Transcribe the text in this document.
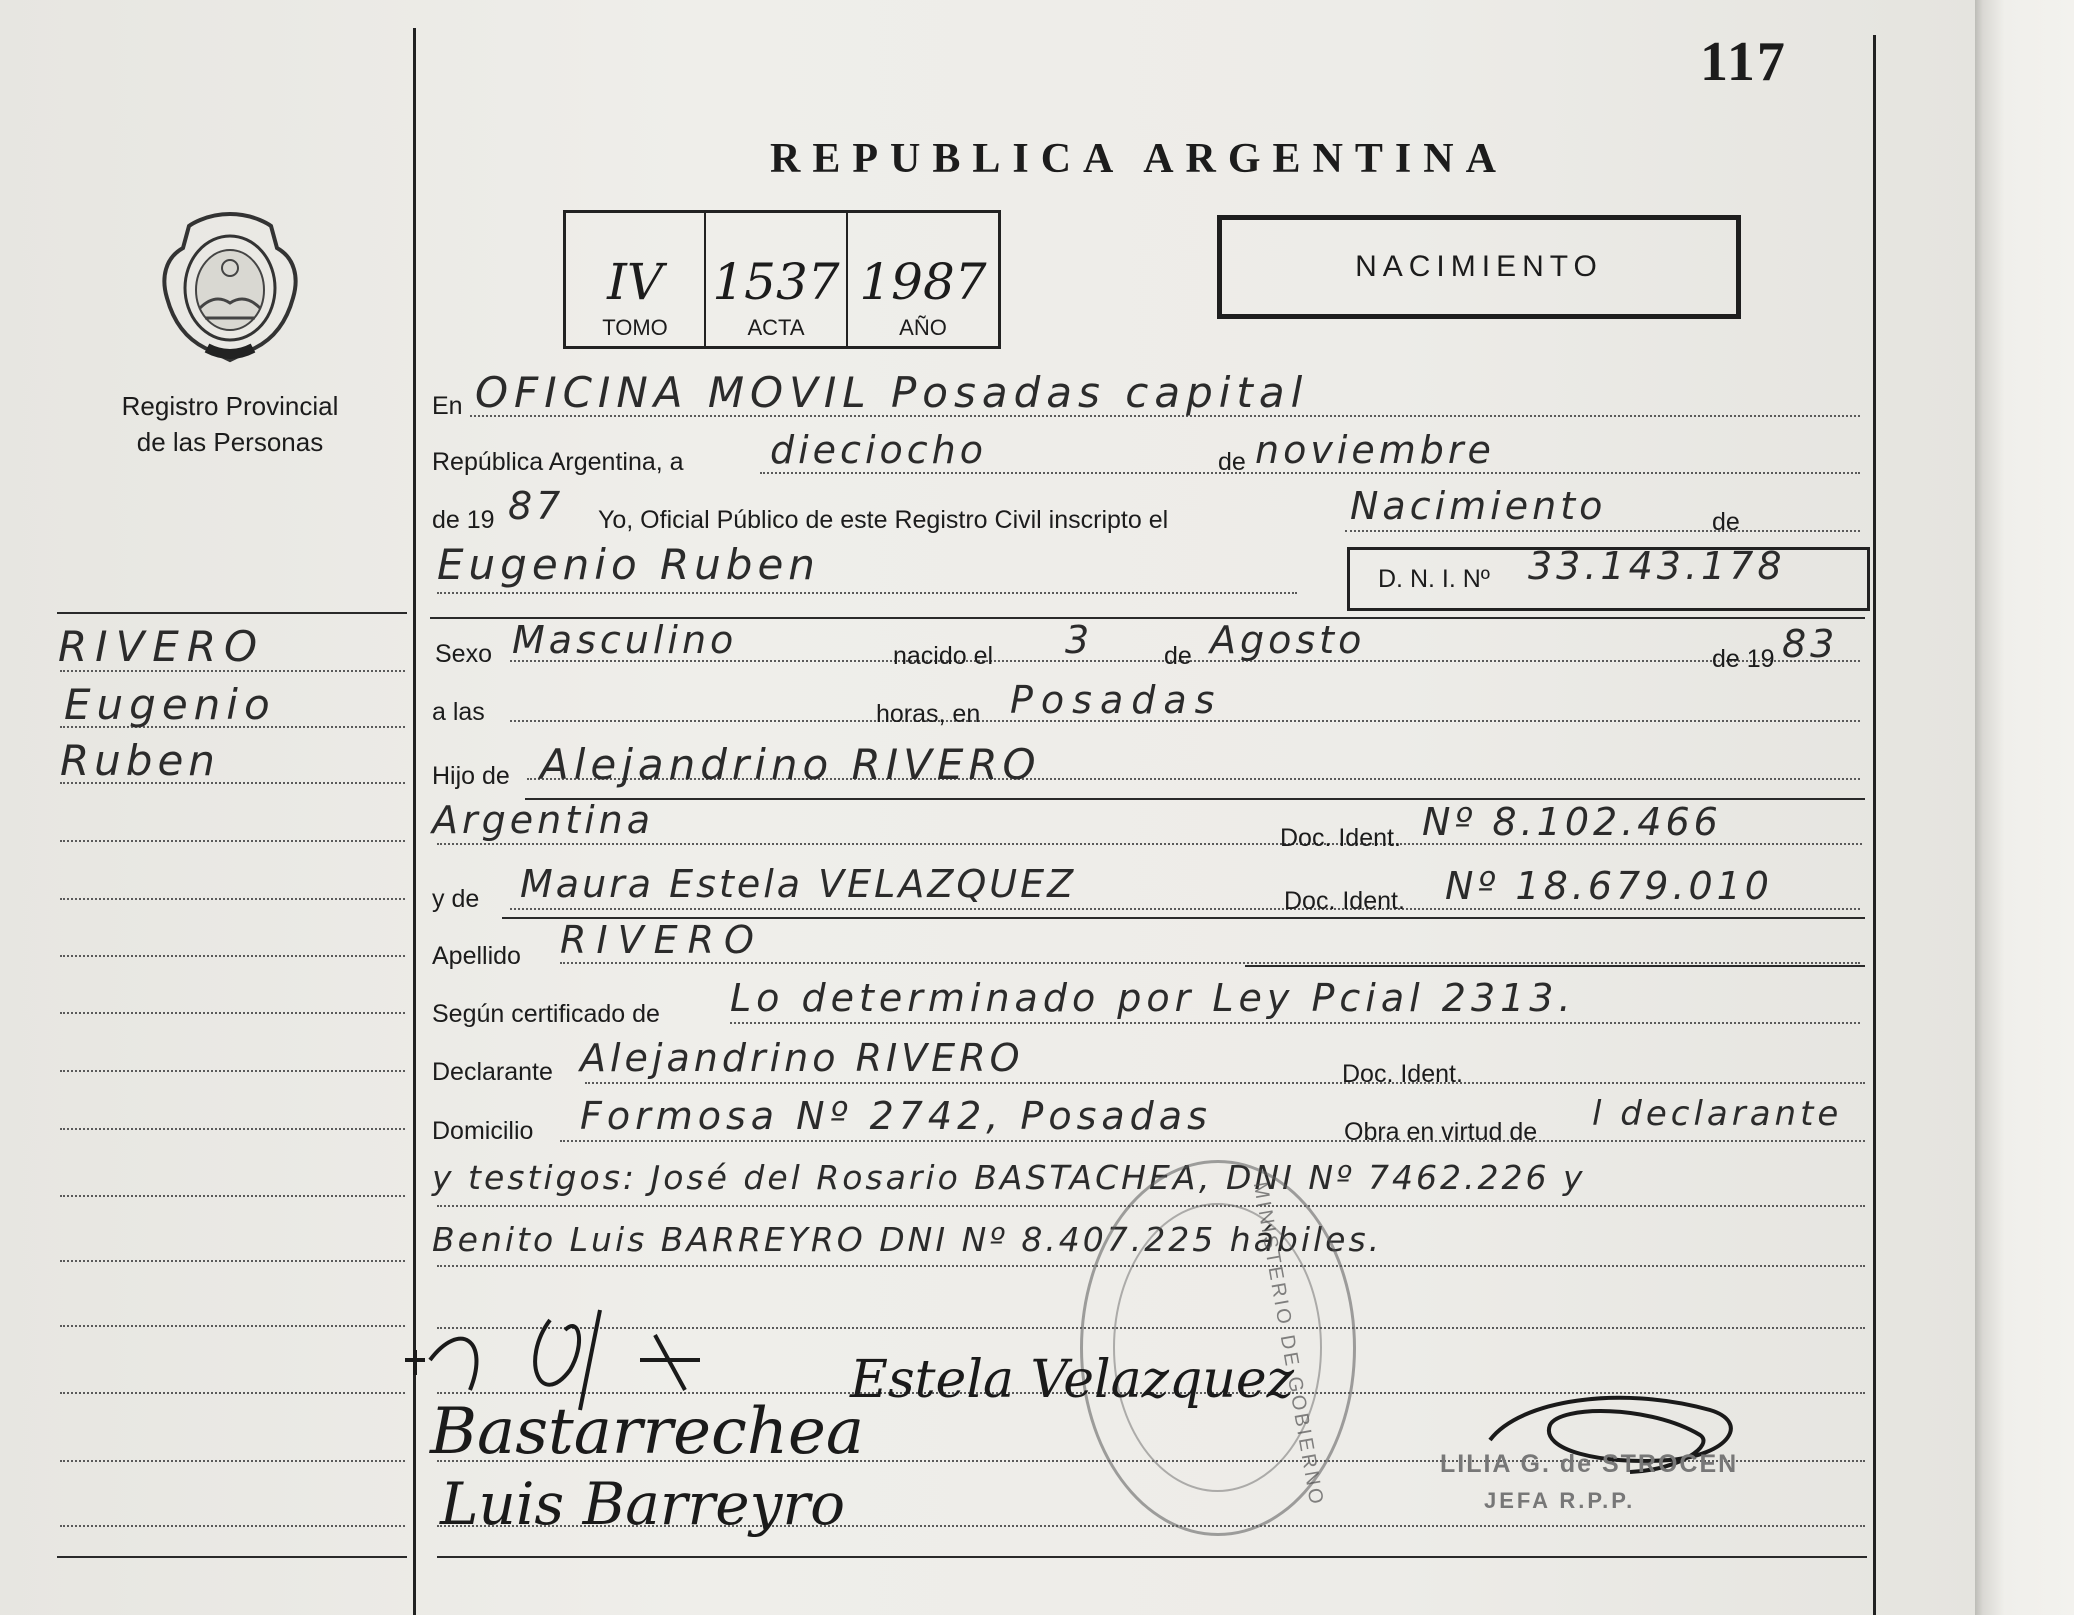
117
REPUBLICA ARGENTINA
IV
TOMO
1537
ACTA
1987
AÑO
NACIMIENTO
Registro Provincial
de las Personas
RIVERO
Eugenio
Ruben
En OFICINA MOVIL Posadas capital
República Argentina, a dieciocho	de noviembre
de 19 87 Yo, Oficial Público de este Registro Civil inscripto el	Nacimiento	de
Eugenio Ruben	D. N. I. Nº 33.143.178
Sexo Masculino	nacido el 3	de Agosto	de 19 83
a las	horas, en Posadas
Hijo de Alejandrino RIVERO
Argentina	Doc. Ident. Nº 8.102.466
y de Maura Estela VELAZQUEZ	Doc. Ident. Nº 18.679.010
Apellido RIVERO
Según certificado de Lo determinado por Ley Pcial 2313.
Declarante Alejandrino RIVERO	Doc. Ident.
Domicilio Formosa Nº 2742, Posadas	Obra en virtud de l declarante
y testigos: José del Rosario BASTACHEA, DNI Nº 7462.226 y
Benito Luis BARREYRO DNI Nº 8.407.225 hábiles.
MINISTERIO DE GOBIERNO
Estela Velazquez
Bastarrechea
Luis Barreyro
LILIA G. de STROCEN
JEFA R.P.P.
